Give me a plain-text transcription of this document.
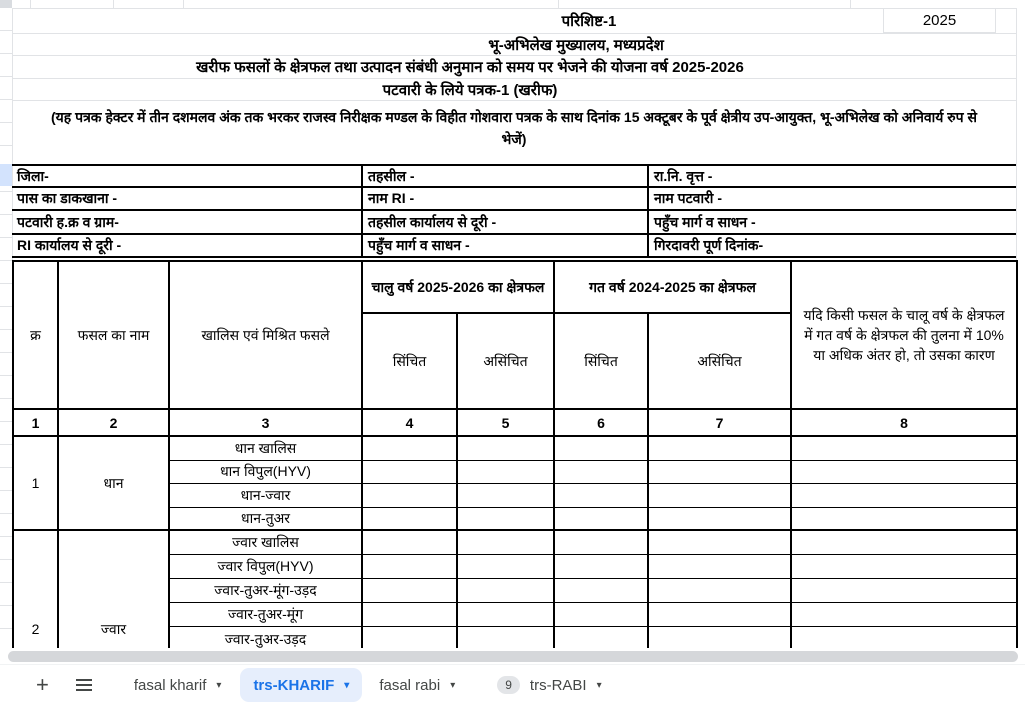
परिशिष्ट-1	2025
भू-अभिलेख मुख्यालय, मध्यप्रदेश
खरीफ फसलों के क्षेत्रफल तथा उत्पादन संबंधी अनुमान को समय पर भेजने की योजना वर्ष 2025-2026
पटवारी के लिये पत्रक-1 (खरीफ)
(यह पत्रक हेक्टर में तीन दशमलव अंक तक भरकर राजस्व निरीक्षक मण्डल के विहीत गोशवारा पत्रक के साथ दिनांक 15 अक्टूबर के पूर्व क्षेत्रीय उप-आयुक्त, भू-अभिलेख को अनिवार्य रुप से भेजें)
जिला-	तहसील -	रा.नि. वृत्त -
पास का डाकखाना -	नाम RI -	नाम पटवारी -
पटवारी ह.क्र व ग्राम-	तहसील कार्यालय से दूरी -	पहुँच मार्ग व साधन -
RI कार्यालय से दूरी -	पहुँच मार्ग व साधन -	गिरदावरी पूर्ण दिनांक-
क्र	फसल का नाम	खालिस एवं मिश्रित फसले	चालु वर्ष 2025-2026 का क्षेत्रफल		गत वर्ष 2024-2025 का क्षेत्रफल		यदि किसी फसल के चालू वर्ष के क्षेत्रफल में गत वर्ष के क्षेत्रफल की तुलना में 10% या अधिक अंतर हो, तो उसका कारण
			सिंचित	असिंचित	सिंचित	असिंचित	
1	2	3	4	5	6	7	8
1	धान	धान खालिस					
		धान विपुल(HYV)					
		धान-ज्वार					
		धान-तुअर					
2	ज्वार	ज्वार खालिस					
		ज्वार विपुल(HYV)					
		ज्वार-तुअर-मूंग-उड़द					
		ज्वार-तुअर-मूंग					
		ज्वार-तुअर-उड़द					
+	fasal kharif ▾ trs-KHARIF ▾ fasal rabi ▾	9	trs-RABI ▾
